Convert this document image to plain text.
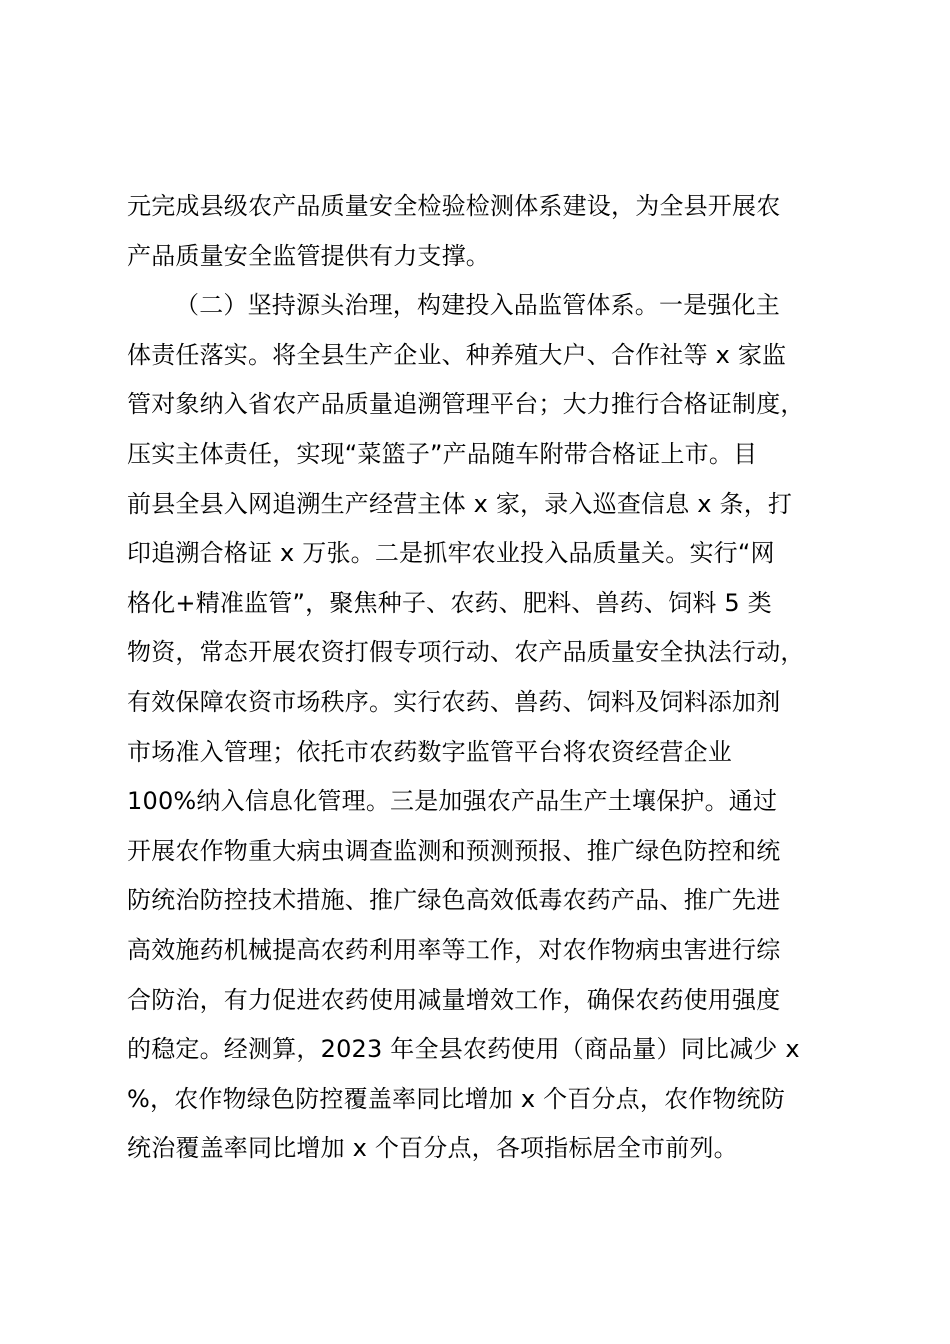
元完成县级农产品质量安全检验检测体系建设，为全县开展农
产品质量安全监管提供有力支撑。
（二）坚持源头治理，构建投入品监管体系。一是强化主
体责任落实。将全县生产企业、种养殖大户、合作社等 x 家监
管对象纳入省农产品质量追溯管理平台；大力推行合格证制度，
压实主体责任，实现“菜篮子”产品随车附带合格证上市。目
前县全县入网追溯生产经营主体 x 家，录入巡查信息 x 条，打
印追溯合格证 x 万张。二是抓牢农业投入品质量关。实行“网
格化+精准监管”，聚焦种子、农药、肥料、兽药、饲料 5 类
物资，常态开展农资打假专项行动、农产品质量安全执法行动，
有效保障农资市场秩序。实行农药、兽药、饲料及饲料添加剂
市场准入管理；依托市农药数字监管平台将农资经营企业
100%纳入信息化管理。三是加强农产品生产土壤保护。通过
开展农作物重大病虫调查监测和预测预报、推广绿色防控和统
防统治防控技术措施、推广绿色高效低毒农药产品、推广先进
高效施药机械提高农药利用率等工作，对农作物病虫害进行综
合防治，有力促进农药使用减量增效工作，确保农药使用强度
的稳定。经测算，2023 年全县农药使用（商品量）同比减少 x
%，农作物绿色防控覆盖率同比增加 x 个百分点，农作物统防
统治覆盖率同比增加 x 个百分点，各项指标居全市前列。
